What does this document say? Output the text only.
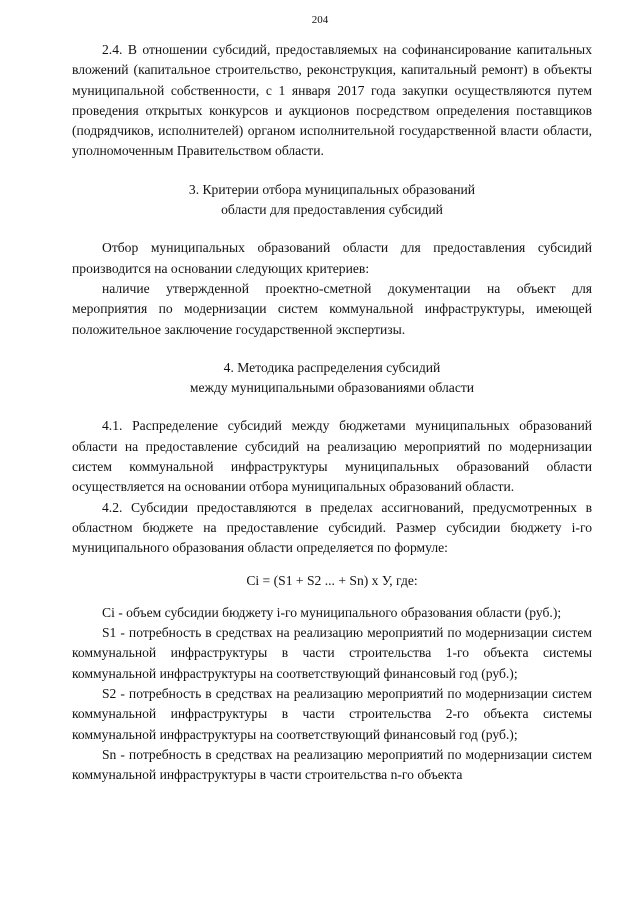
204

2.4. В отношении субсидий, предоставляемых на софинансирование капитальных вложений (капитальное строительство, реконструкция, капитальный ремонт) в объекты муниципальной собственности, с 1 января 2017 года закупки осуществляются путем проведения открытых конкурсов и аукционов посредством определения поставщиков (подрядчиков, исполнителей) органом исполнительной государственной власти области, уполномоченным Правительством области.

3. Критерии отбора муниципальных образований
области для предоставления субсидий

Отбор муниципальных образований области для предоставления субсидий производится на основании следующих критериев:

наличие утвержденной проектно-сметной документации на объект для мероприятия по модернизации систем коммунальной инфраструктуры, имеющей положительное заключение государственной экспертизы.

4. Методика распределения субсидий
между муниципальными образованиями области

4.1. Распределение субсидий между бюджетами муниципальных образований области на предоставление субсидий на реализацию мероприятий по модернизации систем коммунальной инфраструктуры муниципальных образований области осуществляется на основании отбора муниципальных образований области.

4.2. Субсидии предоставляются в пределах ассигнований, предусмотренных в областном бюджете на предоставление субсидий. Размер субсидии бюджету i-го муниципального образования области определяется по формуле:

Ci = (S1 + S2 ... + Sn) х У, где:

Ci - объем субсидии бюджету i-го муниципального образования области (руб.);

S1 - потребность в средствах на реализацию мероприятий по модернизации систем коммунальной инфраструктуры в части строительства 1-го объекта системы коммунальной инфраструктуры на соответствующий финансовый год (руб.);

S2 - потребность в средствах на реализацию мероприятий по модернизации систем коммунальной инфраструктуры в части строительства 2-го объекта системы коммунальной инфраструктуры на соответствующий финансовый год (руб.);

Sn - потребность в средствах на реализацию мероприятий по модернизации систем коммунальной инфраструктуры в части строительства n-го объекта
